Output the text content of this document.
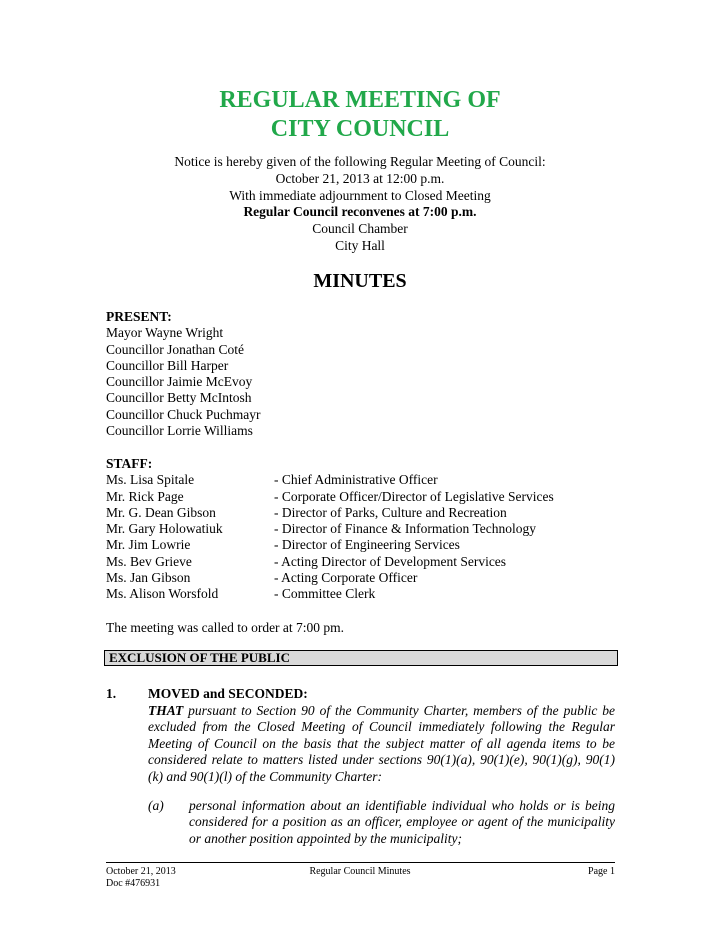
REGULAR MEETING OF
CITY COUNCIL
Notice is hereby given of the following Regular Meeting of Council:
October 21, 2013 at 12:00 p.m.
With immediate adjournment to Closed Meeting
Regular Council reconvenes at 7:00 p.m.
Council Chamber
City Hall
MINUTES
PRESENT:
Mayor Wayne Wright
Councillor Jonathan Coté
Councillor Bill Harper
Councillor Jaimie McEvoy
Councillor Betty McIntosh
Councillor Chuck Puchmayr
Councillor Lorrie Williams
STAFF:
Ms. Lisa Spitale	- Chief Administrative Officer
Mr. Rick Page	- Corporate Officer/Director of Legislative Services
Mr. G. Dean Gibson	- Director of Parks, Culture and Recreation
Mr. Gary Holowatiuk	- Director of Finance & Information Technology
Mr. Jim Lowrie	- Director of Engineering Services
Ms. Bev Grieve	- Acting Director of Development Services
Ms. Jan Gibson	- Acting Corporate Officer
Ms. Alison Worsfold	- Committee Clerk
The meeting was called to order at 7:00 pm.
EXCLUSION OF THE PUBLIC
1. MOVED and SECONDED:
THAT pursuant to Section 90 of the Community Charter, members of the public be excluded from the Closed Meeting of Council immediately following the Regular Meeting of Council on the basis that the subject matter of all agenda items to be considered relate to matters listed under sections 90(1)(a), 90(1)(e), 90(1)(g), 90(1)(k) and 90(1)(l) of the Community Charter:
(a) personal information about an identifiable individual who holds or is being considered for a position as an officer, employee or agent of the municipality or another position appointed by the municipality;
October 21, 2013	Regular Council Minutes	Page 1
Doc #476931
